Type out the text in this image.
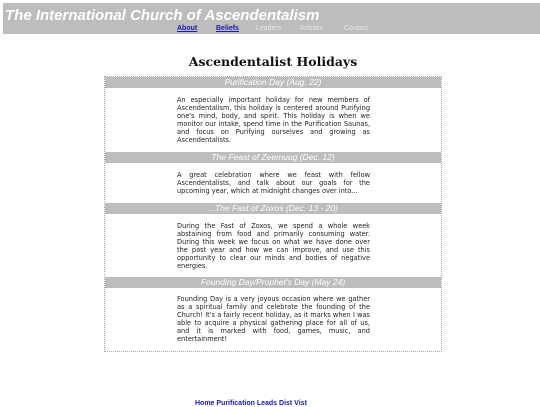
The International Church of Ascendentalism
About	Beliefs Leaders	Articles	Contact
Ascendentalist Holidays
Purification Day (Aug. 22)
An especially important holiday for new members of Ascendentalism, this holiday is centered around Purifying one's mind, body, and spirit. This holiday is when we monitor our intake, spend time in the Purification Saunas, and focus on Purifying ourselves and growing as Ascendentalists.
The Feast of Zeemuug (Dec. 12)
A great celebration where we feast with fellow Ascendentalists, and talk about our goals for the upcoming year, which at midnight changes over into...
...The Fast of Zoxos (Dec. 13 - 20)
During the Fast of Zoxos, we spend a whole week abstaining from food and primarily consuming water. During this week we focus on what we have done over the past year and how we can improve, and use this opportunity to clear our minds and bodies of negative energies.
Founding Day/Prophet's Day (May 24)
Founding Day is a very joyous occasion where we gather as a spiritual family and celebrate the founding of the Church! It's a fairly recent holiday, as it marks when I was able to acquire a physical gathering place for all of us, and it is marked with food, games, music, and entertainment!
Home Purification Leads Dist Vist
